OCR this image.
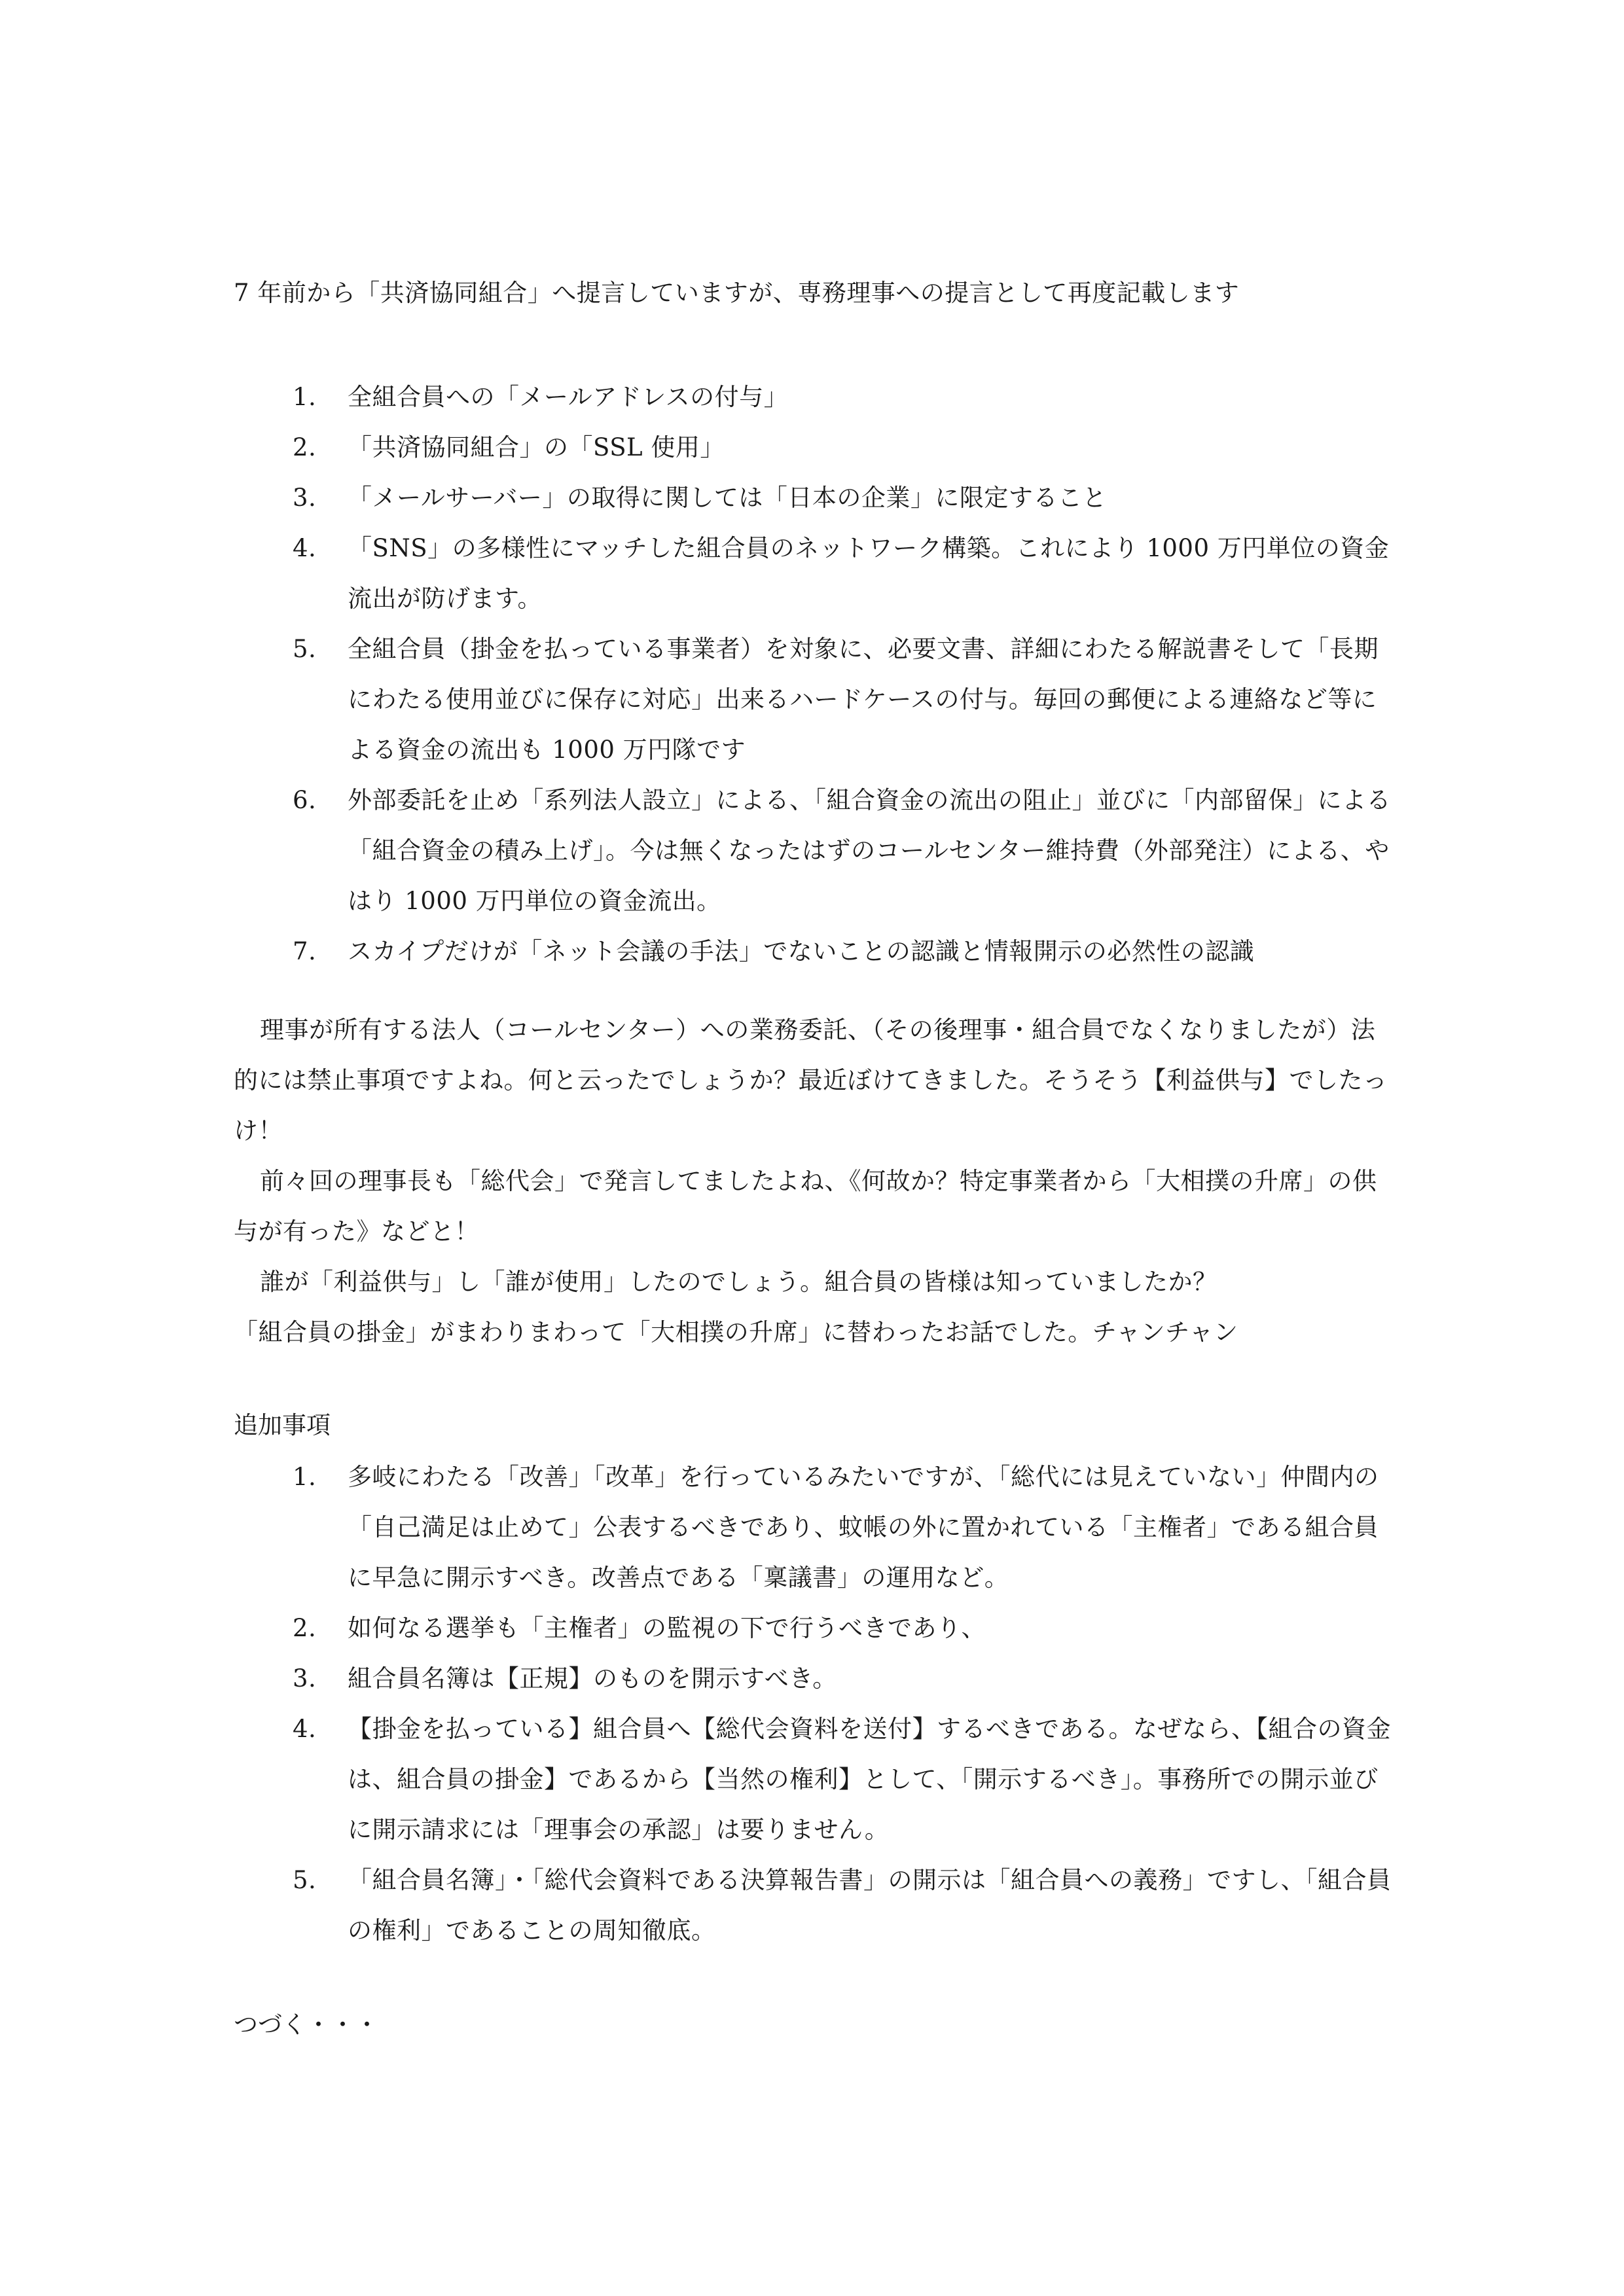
7 年前から「共済協同組合」へ提言していますが、専務理事への提言として再度記載します
1. 全組合員への「メールアドレスの付与」
2. 「共済協同組合」の「SSL 使用」
3. 「メールサーバー」の取得に関しては「日本の企業」に限定すること
4. 「SNS」の多様性にマッチした組合員のネットワーク構築。これにより 1000 万円単位の資金流出が防げます。
5. 全組合員（掛金を払っている事業者）を対象に、必要文書、詳細にわたる解説書そして「長期にわたる使用並びに保存に対応」出来るハードケースの付与。毎回の郵便による連絡など等による資金の流出も 1000 万円隊です
6. 外部委託を止め「系列法人設立」による、「組合資金の流出の阻止」並びに「内部留保」による「組合資金の積み上げ」。今は無くなったはずのコールセンター維持費（外部発注）による、やはり 1000 万円単位の資金流出。
7. スカイプだけが「ネット会議の手法」でないことの認識と情報開示の必然性の認識

理事が所有する法人（コールセンター）への業務委託、（その後理事・組合員でなくなりましたが）法的には禁止事項ですよね。何と云ったでしょうか？最近ぼけてきました。そうそう【利益供与】でしたっけ！

前々回の理事長も「総代会」で発言してましたよね、《何故か？特定事業者から「大相撲の升席」の供与が有った》などと！

誰が「利益供与」し「誰が使用」したのでしょう。組合員の皆様は知っていましたか？

「組合員の掛金」がまわりまわって「大相撲の升席」に替わったお話でした。チャンチャン

追加事項
1. 多岐にわたる「改善」「改革」を行っているみたいですが、「総代には見えていない」仲間内の「自己満足は止めて」公表するべきであり、蚊帳の外に置かれている「主権者」である組合員に早急に開示すべき。改善点である「稟議書」の運用など。
2. 如何なる選挙も「主権者」の監視の下で行うべきであり、
3. 組合員名簿は【正規】のものを開示すべき。
4. 【掛金を払っている】組合員へ【総代会資料を送付】するべきである。なぜなら、【組合の資金は、組合員の掛金】であるから【当然の権利】として、「開示するべき」。事務所での開示並びに開示請求には「理事会の承認」は要りません。
5. 「組合員名簿」・「総代会資料である決算報告書」の開示は「組合員への義務」ですし、「組合員の権利」であることの周知徹底。
つづく・・・
